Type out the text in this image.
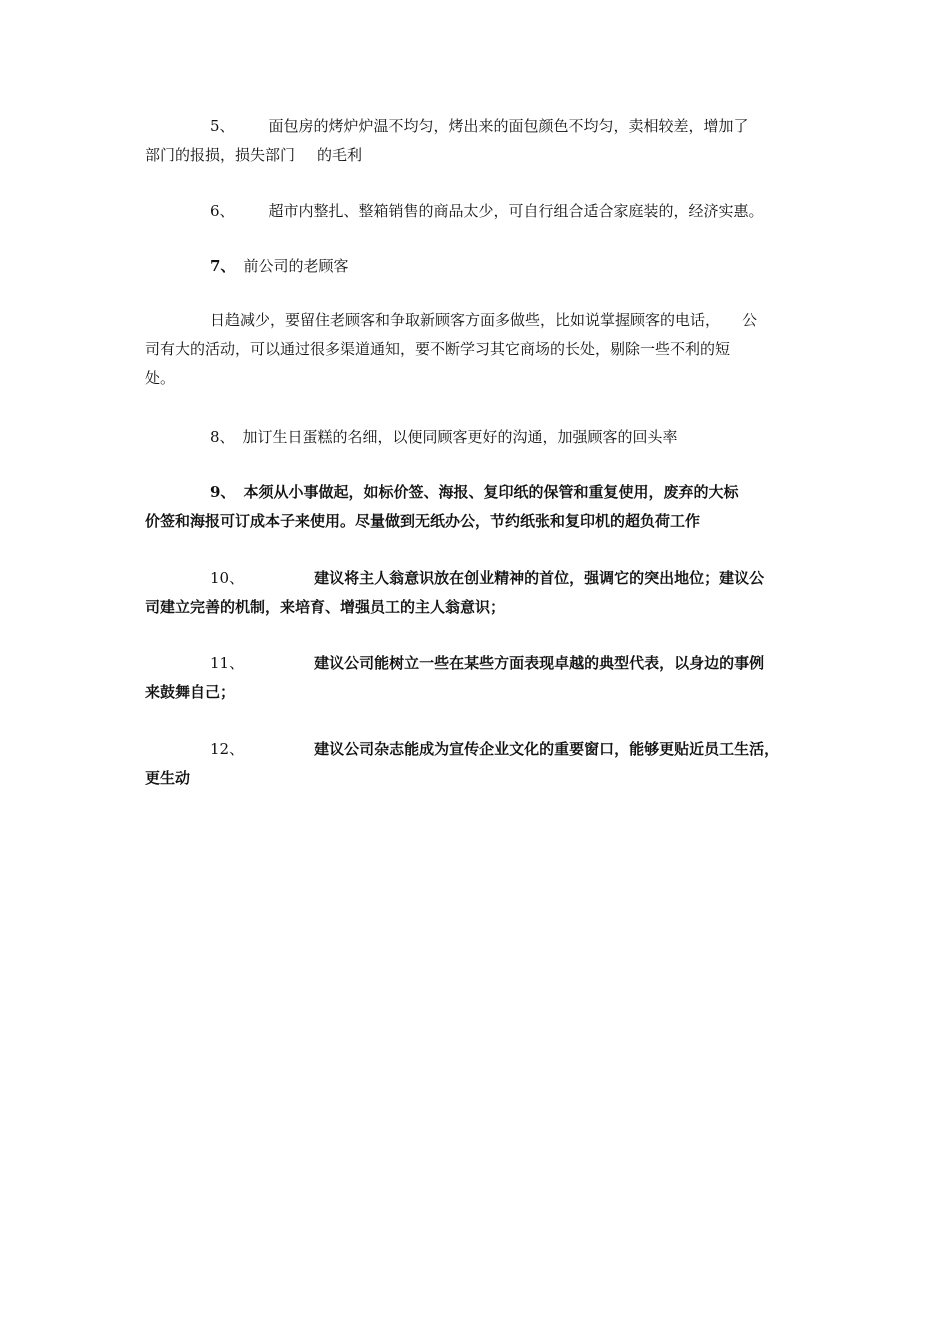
5、 面包房的烤炉炉温不均匀，烤出来的面包颜色不均匀，卖相较差，增加了
部门的报损，损失部门 的毛利
6、 超市内整扎、整箱销售的商品太少，可自行组合适合家庭装的，经济实惠。
7、 前公司的老顾客
日趋减少，要留住老顾客和争取新顾客方面多做些，比如说掌握顾客的电话， 公
司有大的活动，可以通过很多渠道通知，要不断学习其它商场的长处，剔除一些不利的短
处。
8、 加订生日蛋糕的名细，以便同顾客更好的沟通，加强顾客的回头率
9、 本须从小事做起，如标价签、海报、复印纸的保管和重复使用，废弃的大标
价签和海报可订成本子来使用。尽量做到无纸办公，节约纸张和复印机的超负荷工作
10、	建议将主人翁意识放在创业精神的首位，强调它的突出地位；建议公
司建立完善的机制，来培育、增强员工的主人翁意识；
11、	建议公司能树立一些在某些方面表现卓越的典型代表，以身边的事例
来鼓舞自己；
12、	建议公司杂志能成为宣传企业文化的重要窗口，能够更贴近员工生活，
更生动
